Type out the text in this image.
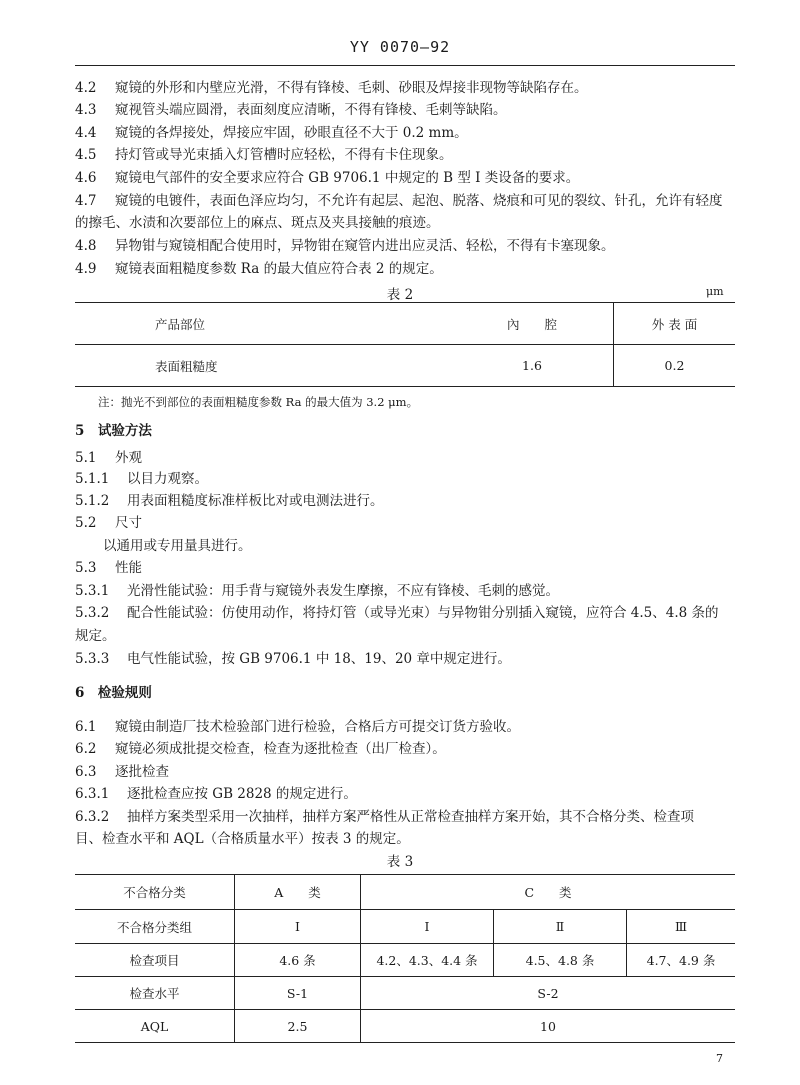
YY 0070—92
4.2 窥镜的外形和内壁应光滑，不得有锋棱、毛刺、砂眼及焊接非现物等缺陷存在。
4.3 窥视管头端应圆滑，表面刻度应清晰，不得有锋棱、毛刺等缺陷。
4.4 窥镜的各焊接处，焊接应牢固，砂眼直径不大于 0.2 mm。
4.5 持灯管或导光束插入灯管槽时应轻松，不得有卡住现象。
4.6 窥镜电气部件的安全要求应符合 GB 9706.1 中规定的 B 型 Ⅰ 类设备的要求。
4.7 窥镜的电镀件，表面色泽应均匀，不允许有起层、起泡、脱落、烧痕和可见的裂纹、针孔，允许有轻度
的擦毛、水渍和次要部位上的麻点、斑点及夹具接触的痕迹。
4.8 异物钳与窥镜相配合使用时，异物钳在窥管内进出应灵活、轻松，不得有卡塞现象。
4.9 窥镜表面粗糙度参数 Ra 的最大值应符合表 2 的规定。
表 2	μm
产品部位	內　　腔	外 表 面
表面粗糙度	1.6	0.2
注：抛光不到部位的表面粗糙度参数 Ra 的最大值为 3.2 μm。
5　试验方法
5.1 外观
5.1.1 以目力观察。
5.1.2 用表面粗糙度标准样板比对或电测法进行。
5.2 尺寸
以通用或专用量具进行。
5.3 性能
5.3.1 光滑性能试验：用手背与窥镜外表发生摩擦，不应有锋棱、毛刺的感觉。
5.3.2 配合性能试验：仿使用动作，将持灯管（或导光束）与异物钳分别插入窥镜，应符合 4.5、4.8 条的
规定。
5.3.3 电气性能试验，按 GB 9706.1 中 18、19、20 章中规定进行。
6　检验规则
6.1 窥镜由制造厂技术检验部门进行检验，合格后方可提交订货方验收。
6.2 窥镜必须成批提交检查，检查为逐批检查（出厂检查）。
6.3 逐批检查
6.3.1 逐批检查应按 GB 2828 的规定进行。
6.3.2 抽样方案类型采用一次抽样，抽样方案严格性从正常检查抽样方案开始，其不合格分类、检查项
目、检查水平和 AQL（合格质量水平）按表 3 的规定。
表 3
不合格分类	A　　类	C　　类		
不合格分类组	Ⅰ	Ⅰ	Ⅱ	Ⅲ
检查项目	4.6 条	4.2、4.3、4.4 条	4.5、4.8 条	4.7、4.9 条
检查水平	S-1	S-2		
AQL	2.5	10		
7
